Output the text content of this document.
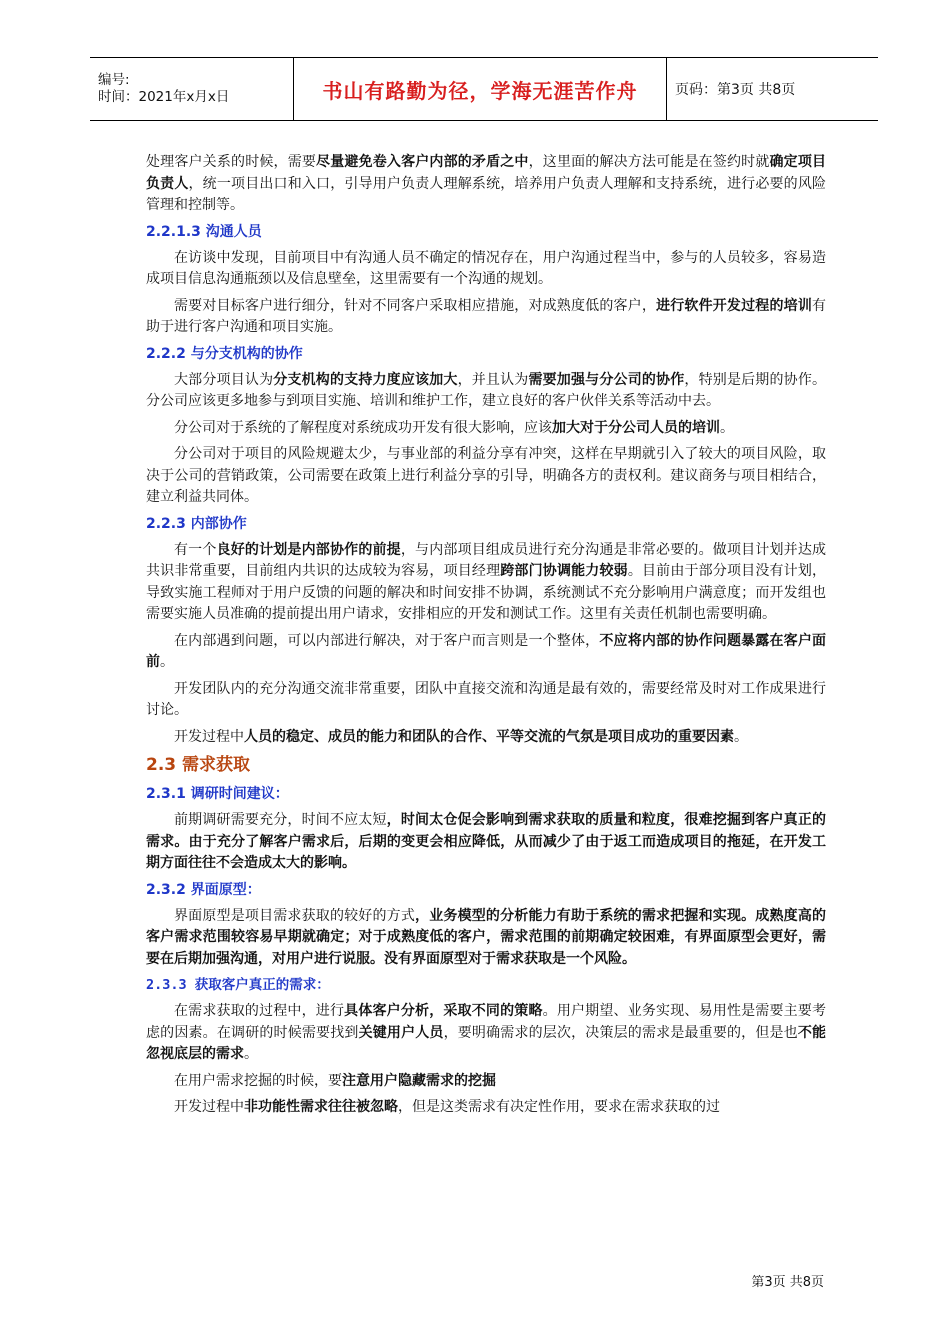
编号:
时间：2021年x月x日	书山有路勤为径，学海无涯苦作舟	页码：第3页 共8页

处理客户关系的时候，需要尽量避免卷入客户内部的矛盾之中，这里面的解决方法可能是在签约时就确定项目负责人，统一项目出口和入口，引导用户负责人理解系统，培养用户负责人理解和支持系统，进行必要的风险管理和控制等。

2.2.1.3 沟通人员

在访谈中发现，目前项目中有沟通人员不确定的情况存在，用户沟通过程当中，参与的人员较多，容易造成项目信息沟通瓶颈以及信息壁垒，这里需要有一个沟通的规划。

需要对目标客户进行细分，针对不同客户采取相应措施，对成熟度低的客户，进行软件开发过程的培训有助于进行客户沟通和项目实施。

2.2.2 与分支机构的协作

大部分项目认为分支机构的支持力度应该加大，并且认为需要加强与分公司的协作，特别是后期的协作。分公司应该更多地参与到项目实施、培训和维护工作，建立良好的客户伙伴关系等活动中去。

分公司对于系统的了解程度对系统成功开发有很大影响，应该加大对于分公司人员的培训。

分公司对于项目的风险规避太少，与事业部的利益分享有冲突，这样在早期就引入了较大的项目风险，取决于公司的营销政策，公司需要在政策上进行利益分享的引导，明确各方的责权利。建议商务与项目相结合，建立利益共同体。

2.2.3 内部协作

有一个良好的计划是内部协作的前提，与内部项目组成员进行充分沟通是非常必要的。做项目计划并达成共识非常重要，目前组内共识的达成较为容易，项目经理跨部门协调能力较弱。目前由于部分项目没有计划，导致实施工程师对于用户反馈的问题的解决和时间安排不协调，系统测试不充分影响用户满意度；而开发组也需要实施人员准确的提前提出用户请求，安排相应的开发和测试工作。这里有关责任机制也需要明确。

在内部遇到问题，可以内部进行解决，对于客户而言则是一个整体，不应将内部的协作问题暴露在客户面前。

开发团队内的充分沟通交流非常重要，团队中直接交流和沟通是最有效的，需要经常及时对工作成果进行讨论。

开发过程中人员的稳定、成员的能力和团队的合作、平等交流的气氛是项目成功的重要因素。

2.3 需求获取
2.3.1 调研时间建议：

前期调研需要充分，时间不应太短，时间太仓促会影响到需求获取的质量和粒度，很难挖掘到客户真正的需求。由于充分了解客户需求后，后期的变更会相应降低，从而减少了由于返工而造成项目的拖延，在开发工期方面往往不会造成太大的影响。

2.3.2 界面原型：

界面原型是项目需求获取的较好的方式，业务模型的分析能力有助于系统的需求把握和实现。成熟度高的客户需求范围较容易早期就确定；对于成熟度低的客户，需求范围的前期确定较困难，有界面原型会更好，需要在后期加强沟通，对用户进行说服。没有界面原型对于需求获取是一个风险。

2.3.3 获取客户真正的需求：

在需求获取的过程中，进行具体客户分析，采取不同的策略。用户期望、业务实现、易用性是需要主要考虑的因素。在调研的时候需要找到关键用户人员，要明确需求的层次，决策层的需求是最重要的，但是也不能忽视底层的需求。

在用户需求挖掘的时候，要注意用户隐藏需求的挖掘

开发过程中非功能性需求往往被忽略，但是这类需求有决定性作用，要求在需求获取的过

第3页 共8页
